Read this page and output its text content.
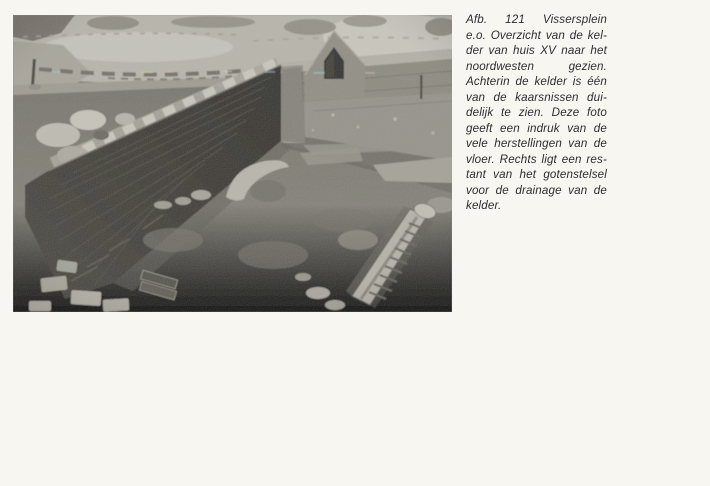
Afb. 121 Vissersplein
e.o. Overzicht van de kel-
der van huis XV naar het
noordwesten gezien.
Achterin de kelder is één
van de kaarsnissen dui-
delijk te zien. Deze foto
geeft een indruk van de
vele herstellingen van de
vloer. Rechts ligt een res-
tant van het gotenstelsel
voor de drainage van de
kelder.
